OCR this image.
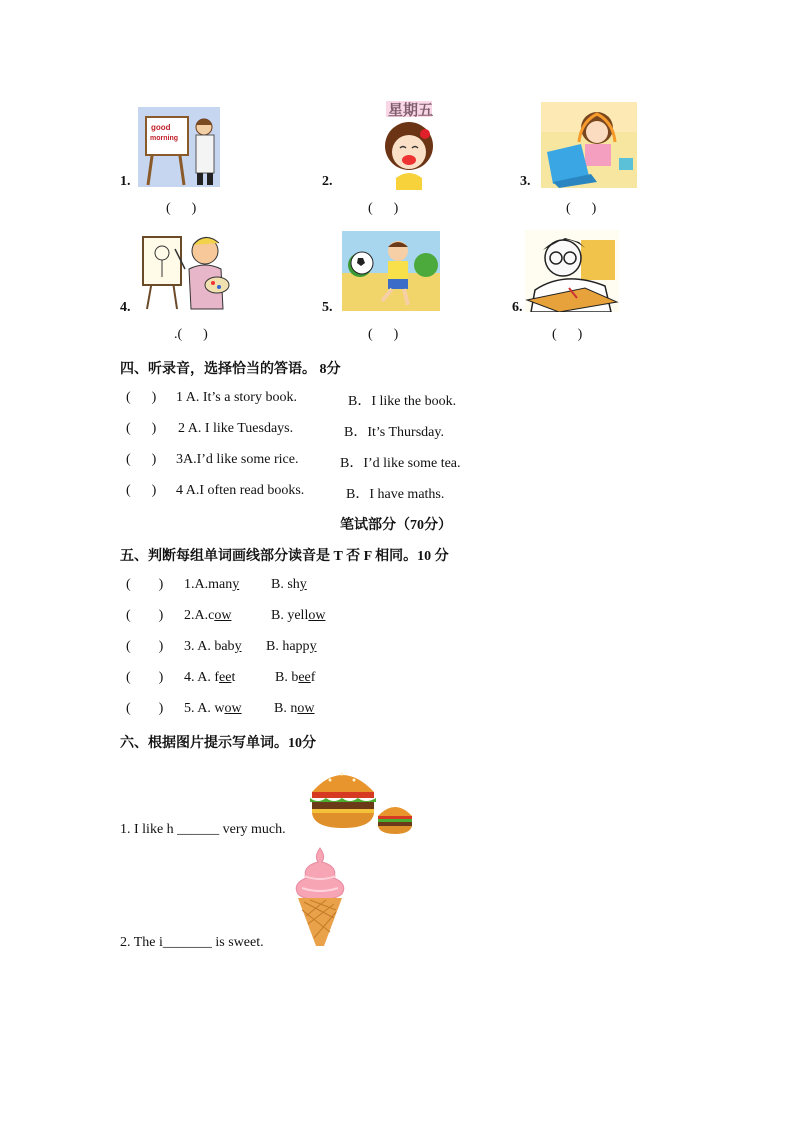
1.
good
morning
(      )
2.
星期五
(      )
3.
(      )
4.
.(      )
5.
(      )
6.
(      )
四、听录音，选择恰当的答语。 8分
(      ) 1 A. It’s a story book.	B．I like the book.
(      ) 2 A. I like Tuesdays.	B．It’s Thursday.
(      ) 3A.I’d like some rice.	B．I’d like some tea.
(      ) 4 A.I often read books.	B．I have maths.
笔试部分（70分）
五、判断每组单词画线部分读音是 T 否 F 相同。10 分
(        ) 1.A.many B. shy
(        ) 2.A.cow	B. yellow
(        ) 3. A. baby B. happy
(        ) 4. A. feet	B. beef
(        ) 5. A. wow B. now
六、根据图片提示写单词。10分
1. I like h ______ very much.
2. The i_______ is sweet.
